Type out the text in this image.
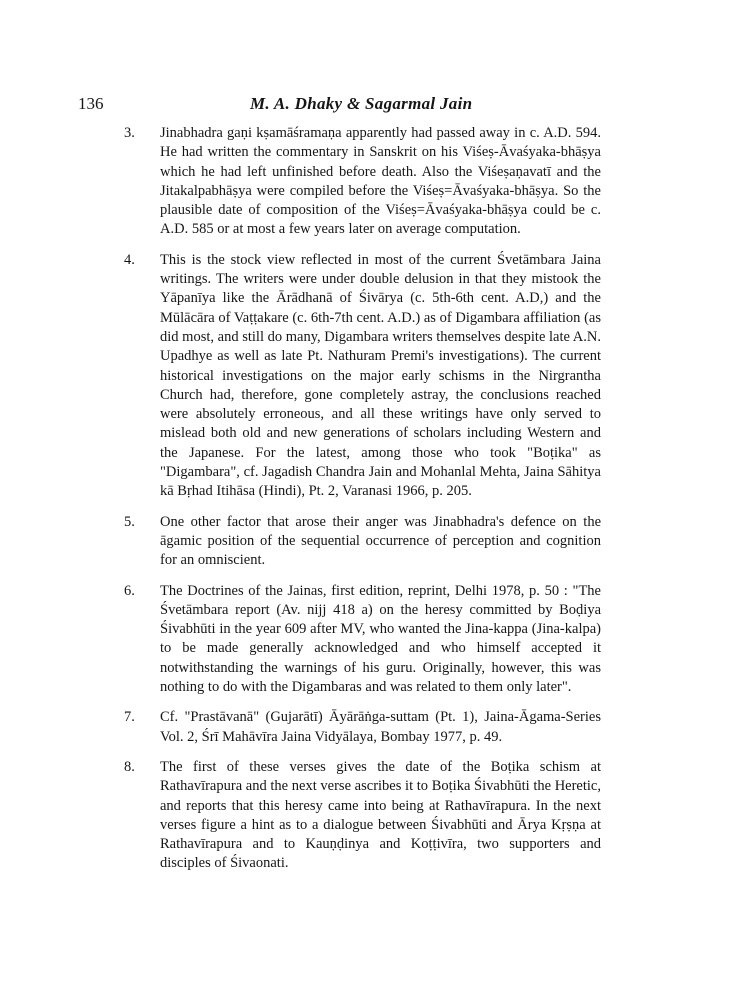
136	M. A. Dhaky & Sagarmal Jain
3. Jinabhadra gaṇi kṣamāśramaṇa apparently had passed away in c. A.D. 594. He had written the commentary in Sanskrit on his Viśeṣ-Āvaśyaka-bhāṣya which he had left unfinished before death. Also the Viśeṣaṇavatī and the Jitakalpabhāṣya were compiled before the Viśeṣ=Āvaśyaka-bhāṣya. So the plausible date of composition of the Viśeṣ=Āvaśyaka-bhāṣya could be c. A.D. 585 or at most a few years later on average computation.
4. This is the stock view reflected in most of the current Śvetāmbara Jaina writings. The writers were under double delusion in that they mistook the Yāpanīya like the Ārādhanā of Śivārya (c. 5th-6th cent. A.D,) and the Mūlācāra of Vaṭṭakare (c. 6th-7th cent. A.D.) as of Digambara affiliation (as did most, and still do many, Digambara writers themselves despite late A.N. Upadhye as well as late Pt. Nathuram Premi's investigations). The current historical investigations on the major early schisms in the Nirgrantha Church had, therefore, gone completely astray, the conclusions reached were absolutely erroneous, and all these writings have only served to mislead both old and new generations of scholars including Western and the Japanese. For the latest, among those who took "Boṭika" as "Digambara", cf. Jagadish Chandra Jain and Mohanlal Mehta, Jaina Sāhitya kā Bṛhad Itihāsa (Hindi), Pt. 2, Varanasi 1966, p. 205.
5. One other factor that arose their anger was Jinabhadra's defence on the āgamic position of the sequential occurrence of perception and cognition for an omniscient.
6. The Doctrines of the Jainas, first edition, reprint, Delhi 1978, p. 50 : "The Śvetāmbara report (Av. nijj 418 a) on the heresy committed by Boḍiya Śivabhūti in the year 609 after MV, who wanted the Jina-kappa (Jina-kalpa) to be made generally acknowledged and who himself accepted it notwithstanding the warnings of his guru. Originally, however, this was nothing to do with the Digambaras and was related to them only later".
7. Cf. "Prastāvanā" (Gujarātī) Āyārāṅga-suttam (Pt. 1), Jaina-Āgama-Series Vol. 2, Śrī Mahāvīra Jaina Vidyālaya, Bombay 1977, p. 49.
8. The first of these verses gives the date of the Boṭika schism at Rathavīrapura and the next verse ascribes it to Boṭika Śivabhūti the Heretic, and reports that this heresy came into being at Rathavīrapura. In the next verses figure a hint as to a dialogue between Śivabhūti and Ārya Kṛṣṇa at Rathavīrapura and to Kauṇḍinya and Koṭṭivīra, two supporters and disciples of Śivaonati.
